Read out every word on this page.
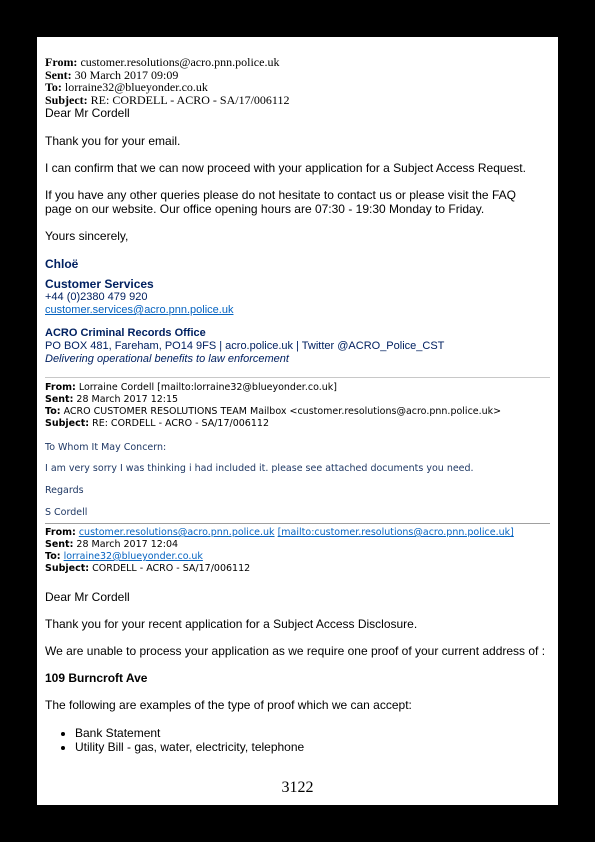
From: customer.resolutions@acro.pnn.police.uk
Sent: 30 March 2017 09:09
To: lorraine32@blueyonder.co.uk
Subject: RE: CORDELL - ACRO - SA/17/006112

Dear Mr Cordell

Thank you for your email.

I can confirm that we can now proceed with your application for a Subject Access Request.

If you have any other queries please do not hesitate to contact us or please visit the FAQ page on our website. Our office opening hours are 07:30 - 19:30 Monday to Friday.

Yours sincerely,

Chloë

Customer Services

+44 (0)2380 479 920

customer.services@acro.pnn.police.uk

ACRO Criminal Records Office

PO BOX 481, Fareham, PO14 9FS | acro.police.uk | Twitter @ACRO_Police_CST

Delivering operational benefits to law enforcement

From: Lorraine Cordell [mailto:lorraine32@blueyonder.co.uk]
Sent: 28 March 2017 12:15
To: ACRO CUSTOMER RESOLUTIONS TEAM Mailbox <customer.resolutions@acro.pnn.police.uk>
Subject: RE: CORDELL - ACRO - SA/17/006112

To Whom It May Concern:

I am very sorry I was thinking i had included it. please see attached documents you need.

Regards

S Cordell

From: customer.resolutions@acro.pnn.police.uk [mailto:customer.resolutions@acro.pnn.police.uk]
Sent: 28 March 2017 12:04
To: lorraine32@blueyonder.co.uk
Subject: CORDELL - ACRO - SA/17/006112

Dear Mr Cordell

Thank you for your recent application for a Subject Access Disclosure.

We are unable to process your application as we require one proof of your current address of :

109 Burncroft Ave

The following are examples of the type of proof which we can accept:

• Bank Statement
• Utility Bill - gas, water, electricity, telephone
3122
